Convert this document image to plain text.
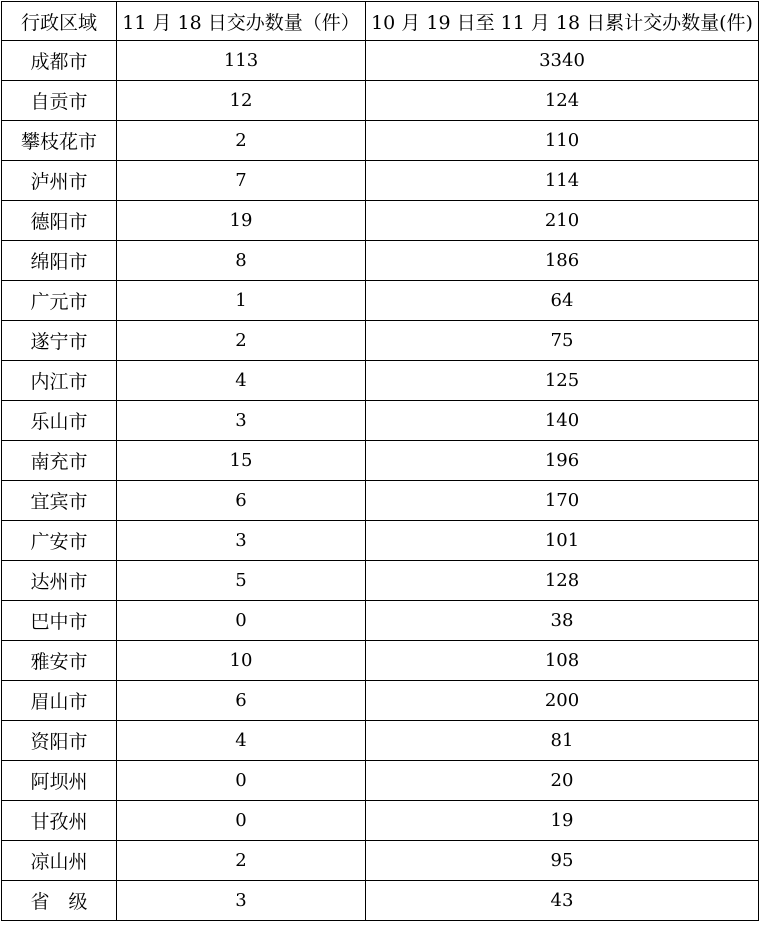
行政区域	11 月 18 日交办数量（件）	10 月 19 日至 11 月 18 日累计交办数量(件)
成都市	113	3340
自贡市	12	124
攀枝花市	2	110
泸州市	7	114
德阳市	19	210
绵阳市	8	186
广元市	1	64
遂宁市	2	75
内江市	4	125
乐山市	3	140
南充市	15	196
宜宾市	6	170
广安市	3	101
达州市	5	128
巴中市	0	38
雅安市	10	108
眉山市	6	200
资阳市	4	81
阿坝州	0	20
甘孜州	0	19
凉山州	2	95
省　级	3	43
